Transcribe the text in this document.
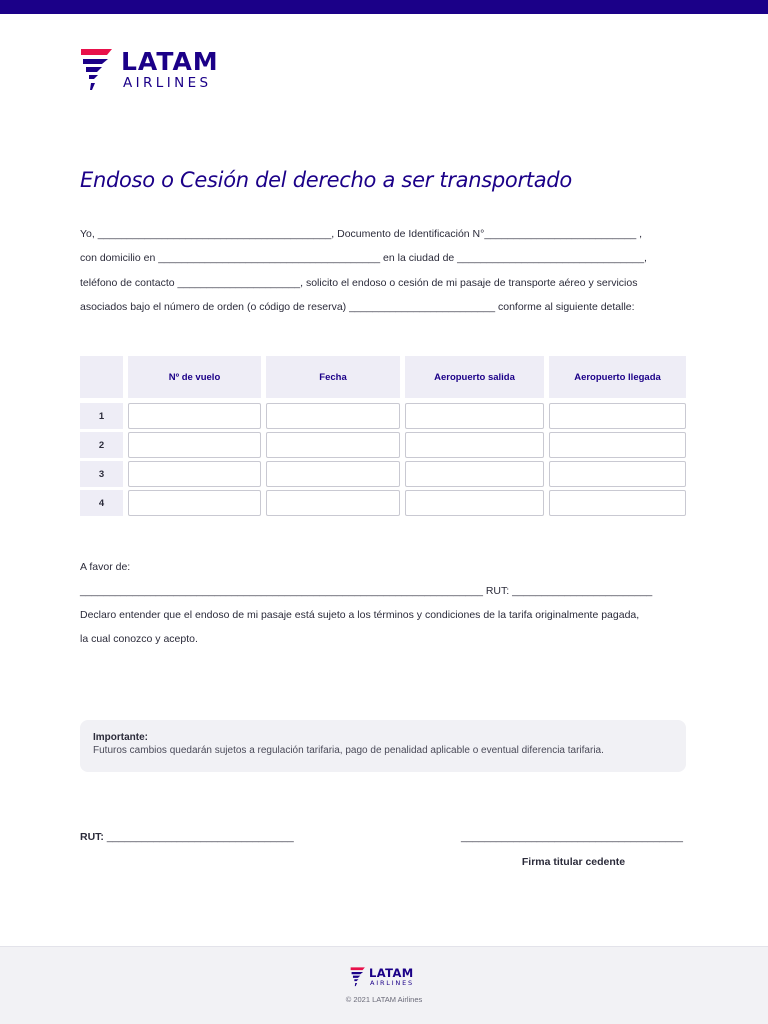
LATAM
AIRLINES
Endoso o Cesión del derecho a ser transportado
Yo, ________________________________________, Documento de Identificación N°__________________________ ,
con domicilio en ______________________________________ en la ciudad de ________________________________,
teléfono de contacto _____________________, solicito el endoso o cesión de mi pasaje de transporte aéreo y servicios
asociados bajo el número de orden (o código de reserva) _________________________ conforme al siguiente detalle:
Nº de vuelo	Fecha	Aeropuerto salida	Aeropuerto llegada
1
2
3
4
A favor de:
_____________________________________________________________________ RUT: ________________________
Declaro entender que el endoso de mi pasaje está sujeto a los términos y condiciones de la tarifa originalmente pagada,
la cual conozco y acepto.
Importante:
Futuros cambios quedarán sujetos a regulación tarifaria, pago de penalidad aplicable o eventual diferencia tarifaria.
RUT: ________________________________	______________________________________
Firma titular cedente
LATAM
AIRLINES
© 2021 LATAM Airlines
